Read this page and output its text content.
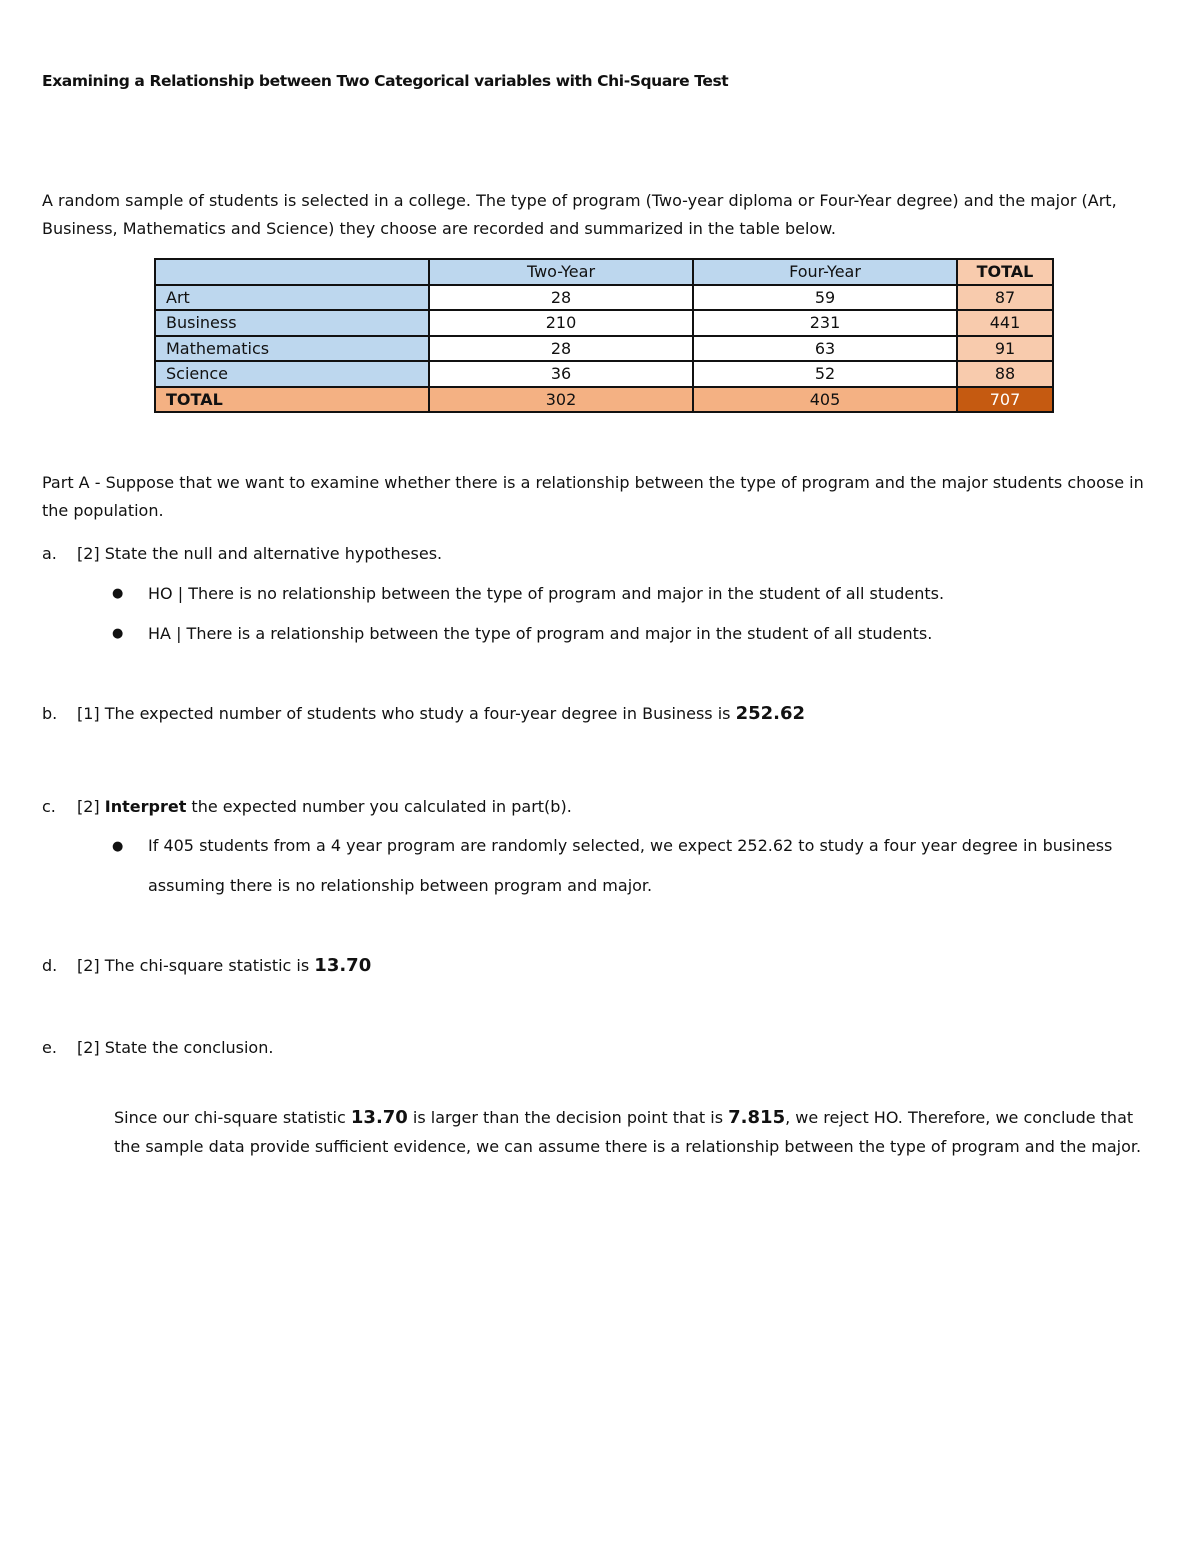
Examining a Relationship between Two Categorical variables with Chi-Square Test
A random sample of students is selected in a college. The type of program (Two-year diploma or Four-Year degree) and the major (Art, Business, Mathematics and Science) they choose are recorded and summarized in the table below.
	Two-Year	Four-Year	TOTAL
Art	28	59	87
Business	210	231	441
Mathematics	28	63	91
Science	36	52	88
TOTAL	302	405	707
Part A - Suppose that we want to examine whether there is a relationship between the type of program and the major students choose in the population.
a. [2] State the null and alternative hypotheses.
●	HO | There is no relationship between the type of program and major in the student of all students.
●	HA | There is a relationship between the type of program and major in the student of all students.
b. [1] The expected number of students who study a four-year degree in Business is 252.62
c. [2] Interpret the expected number you calculated in part(b).
●	If 405 students from a 4 year program are randomly selected, we expect 252.62 to study a four year degree in business assuming there is no relationship between program and major.
d. [2] The chi-square statistic is 13.70
e. [2] State the conclusion.
Since our chi-square statistic 13.70 is larger than the decision point that is 7.815, we reject HO. Therefore, we conclude that the sample data provide sufficient evidence, we can assume there is a relationship between the type of program and the major.
